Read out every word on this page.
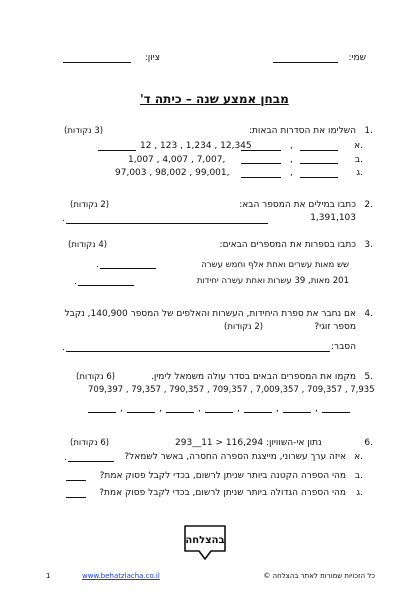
שמי:
ציון:
מבחן אמצע שנה – כיתה ד'
1.
השלימו את הסדרות הבאות:
(3 נקודות)
א.
,
12 , 123 , 1,234 , 12,345
ב.
,
1,007 , 4,007 , 7,007,
ג.
,
97,003 , 98,002 , 99,001,
2.
כתבו במילים את המספר הבא:
(2 נקודות)
1,391,103
.
3.
כתבו בספרות את המספרים הבאים:
(4 נקודות)
שש מאות עשרים ואחת אלף וחמש עשרה
.
201 מאות, 39 עשרות ואחת עשרה יחידות
.
4.
אם נחבר את ספרת היחידות, העשרות והאלפים של המספר 140,900, נקבל
מספר זוגי?
(2 נקודות)
הסבר:
.
5.
מקמו את המספרים הבאים בסדר עולה משמאל לימין.
(6 נקודות)
709,397 , 79,357 , 790,357 , 709,357 , 7,009,357 , 709,357 , 7,935
,	,	,	,	,	,
6.
נתון אי-השוויון: 116,294 < 11__293
(6 נקודות)
א.
איזה ערך עשרוני, מייצגת הספרה החסרה, באשר לשמאל?
.
ב.
מהי הספרה הקטנה ביותר שניתן לרשום, בכדי לקבל פסוק אמת?
ג.
מהי הספרה הגדולה ביותר שניתן לרשום, בכדי לקבל פסוק אמת?
בהצלחה
1	www.behatzlacha.co.il	כל הזכויות שמורות לאתר בהצלחה ©
